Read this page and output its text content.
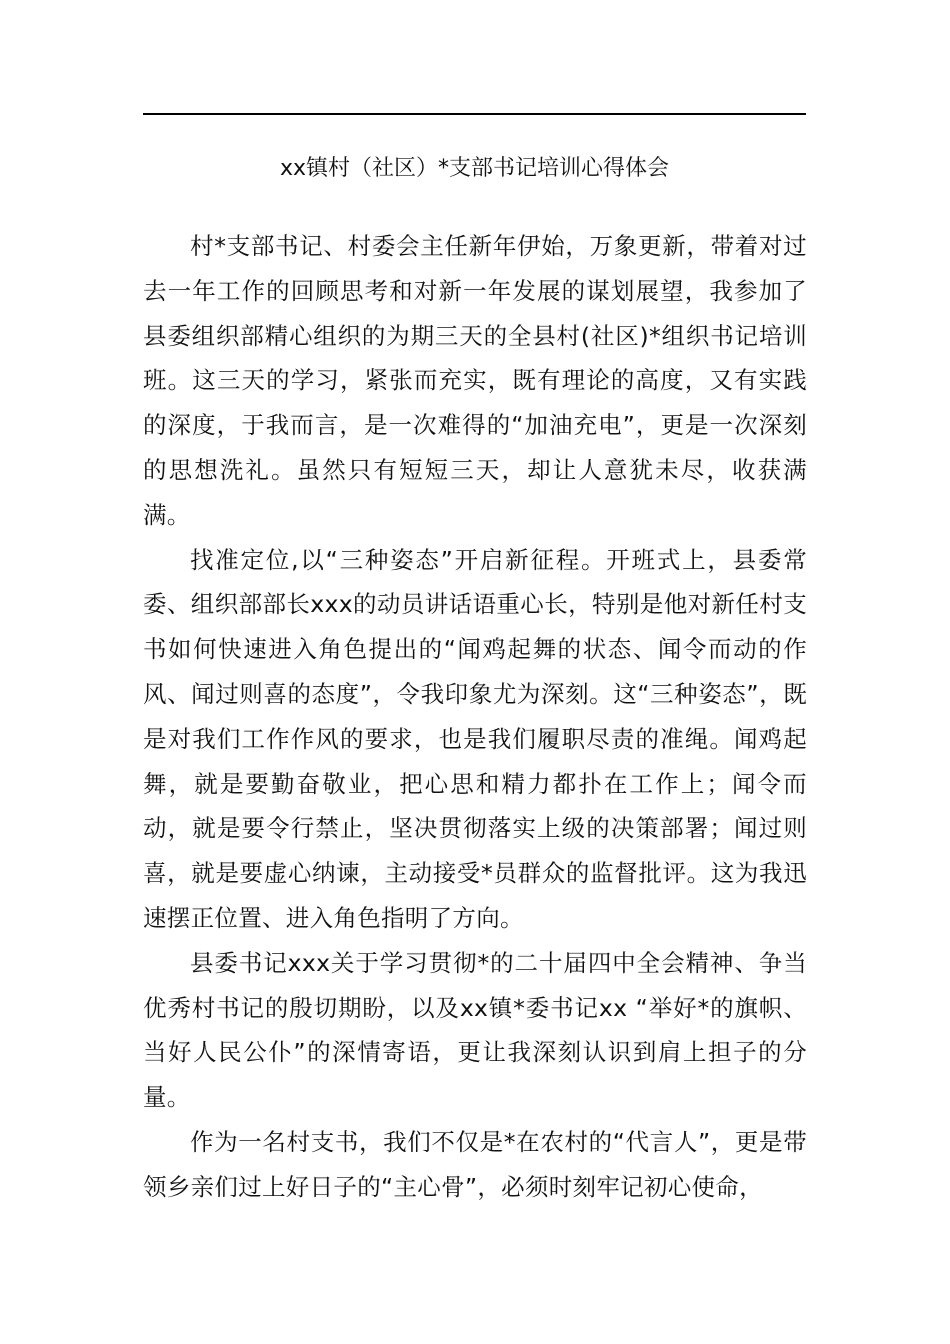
xx镇村（社区）*支部书记培训心得体会

村*支部书记、村委会主任新年伊始，万象更新，带着对过去一年工作的回顾思考和对新一年发展的谋划展望，我参加了县委组织部精心组织的为期三天的全县村(社区)*组织书记培训班。这三天的学习，紧张而充实，既有理论的高度，又有实践的深度，于我而言，是一次难得的“加油充电”，更是一次深刻的思想洗礼。虽然只有短短三天，却让人意犹未尽，收获满满。

找准定位,以“三种姿态”开启新征程。开班式上，县委常委、组织部部长xxx的动员讲话语重心长，特别是他对新任村支书如何快速进入角色提出的“闻鸡起舞的状态、闻令而动的作风、闻过则喜的态度”，令我印象尤为深刻。这“三种姿态”，既是对我们工作作风的要求，也是我们履职尽责的准绳。闻鸡起舞，就是要勤奋敬业，把心思和精力都扑在工作上；闻令而动，就是要令行禁止，坚决贯彻落实上级的决策部署；闻过则喜，就是要虚心纳谏，主动接受*员群众的监督批评。这为我迅速摆正位置、进入角色指明了方向。

县委书记xxx关于学习贯彻*的二十届四中全会精神、争当优秀村书记的殷切期盼，以及xx镇*委书记xx “举好*的旗帜、当好人民公仆”的深情寄语，更让我深刻认识到肩上担子的分量。

作为一名村支书，我们不仅是*在农村的“代言人”，更是带领乡亲们过上好日子的“主心骨”，必须时刻牢记初心使命，
